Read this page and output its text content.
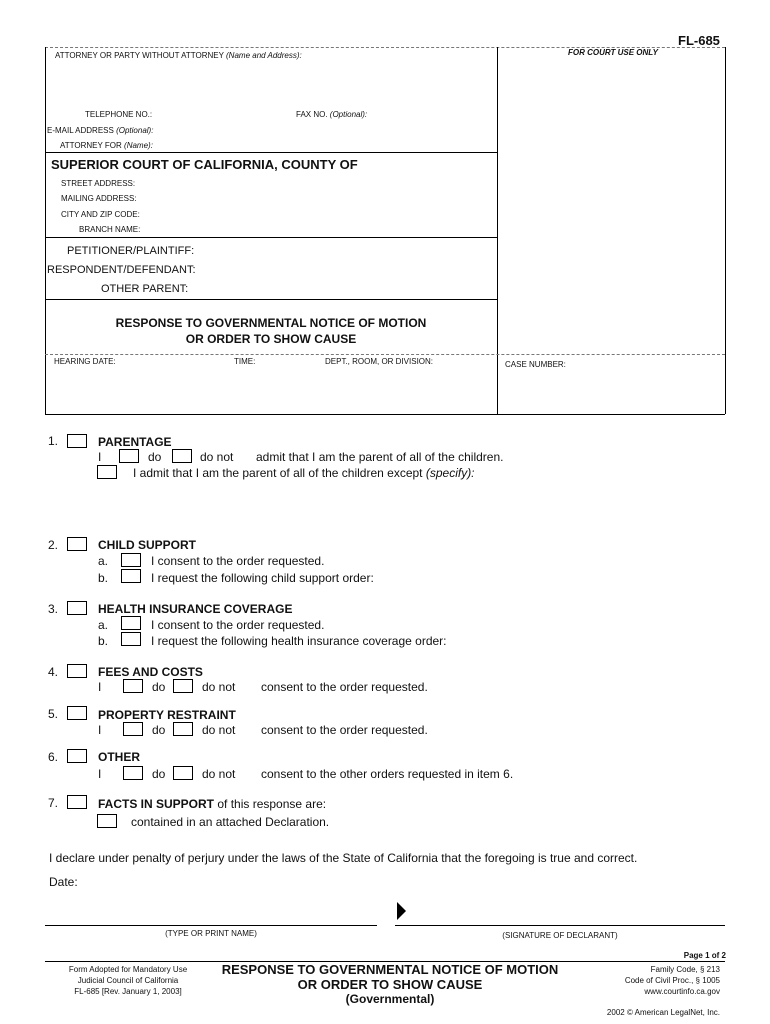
FL-685
ATTORNEY OR PARTY WITHOUT ATTORNEY (Name and Address):	FOR COURT USE ONLY
TELEPHONE NO.:	FAX NO. (Optional):
E-MAIL ADDRESS (Optional):
ATTORNEY FOR (Name):
SUPERIOR COURT OF CALIFORNIA, COUNTY OF
STREET ADDRESS:
MAILING ADDRESS:
CITY AND ZIP CODE:
BRANCH NAME:
PETITIONER/PLAINTIFF:
RESPONDENT/DEFENDANT:
OTHER PARENT:
RESPONSE TO GOVERNMENTAL NOTICE OF MOTION
OR ORDER TO SHOW CAUSE
HEARING DATE:	TIME:	DEPT., ROOM, OR DIVISION:	CASE NUMBER:
1.	PARENTAGE
I	do	do not admit that I am the parent of all of the children.
I admit that I am the parent of all of the children except (specify):
2.	CHILD SUPPORT
a.	I consent to the order requested.
b.	I request the following child support order:
3.	HEALTH INSURANCE COVERAGE
a.	I consent to the order requested.
b.	I request the following health insurance coverage order:
4.	FEES AND COSTS
I	do	do not consent to the order requested.
5.	PROPERTY RESTRAINT
I	do	do not consent to the order requested.
6.	OTHER
I	do	do not consent to the other orders requested in item 6.
7.	FACTS IN SUPPORT of this response are:
contained in an attached Declaration.
I declare under penalty of perjury under the laws of the State of California that the foregoing is true and correct.
Date:
(TYPE OR PRINT NAME)	(SIGNATURE OF DECLARANT)
Page 1 of 2
Form Adopted for Mandatory Use
Judicial Council of California
FL-685 [Rev. January 1, 2003]
RESPONSE TO GOVERNMENTAL NOTICE OF MOTION
OR ORDER TO SHOW CAUSE
(Governmental)
Family Code, § 213
Code of Civil Proc., § 1005
www.courtinfo.ca.gov
2002 © American LegalNet, Inc.
